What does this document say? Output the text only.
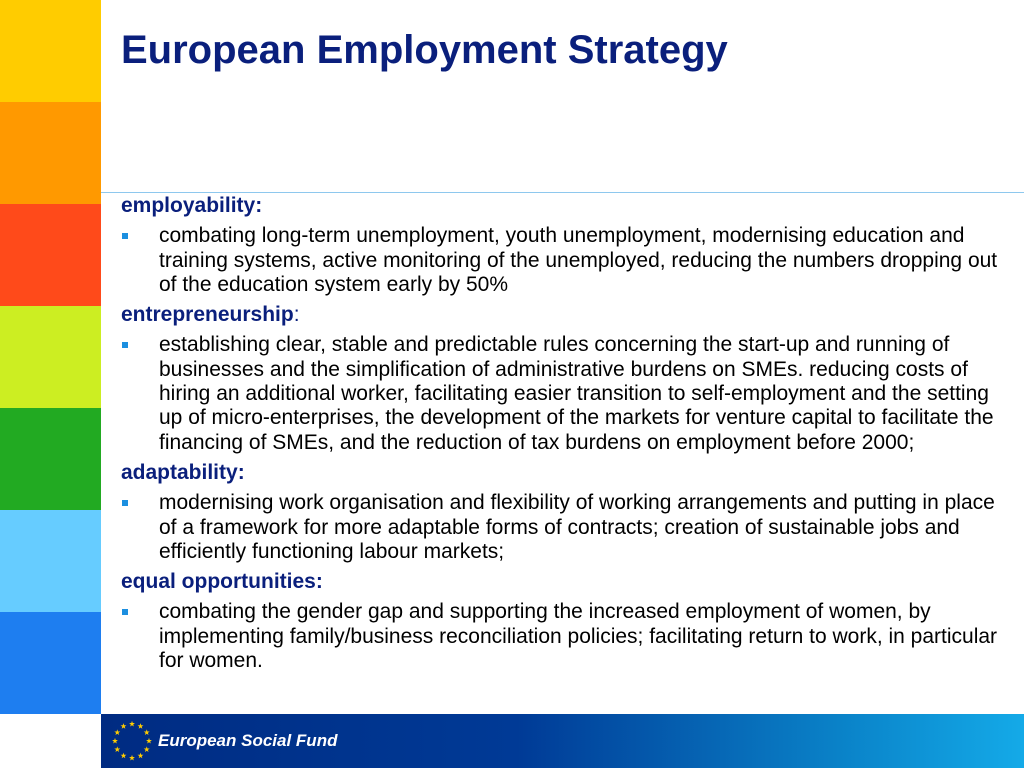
European Employment Strategy

employability:

combating long-term unemployment, youth unemployment, modernising education and training systems, active monitoring of the unemployed, reducing the numbers dropping out of the education system early by 50%

entrepreneurship:

establishing clear, stable and predictable rules concerning the start-up and running of businesses and the simplification of administrative burdens on SMEs. reducing costs of hiring an additional worker, facilitating easier transition to self-employment and the setting up of micro-enterprises, the development of the markets for venture capital to facilitate the financing of SMEs, and the reduction of tax burdens on employment before 2000;

adaptability:

modernising work organisation and flexibility of working arrangements and putting in place of a framework for more adaptable forms of contracts; creation of sustainable jobs and efficiently functioning labour markets;

equal opportunities:

combating the gender gap and supporting the increased employment of women, by implementing family/business reconciliation policies; facilitating return to work, in particular for women.
European Social Fund
